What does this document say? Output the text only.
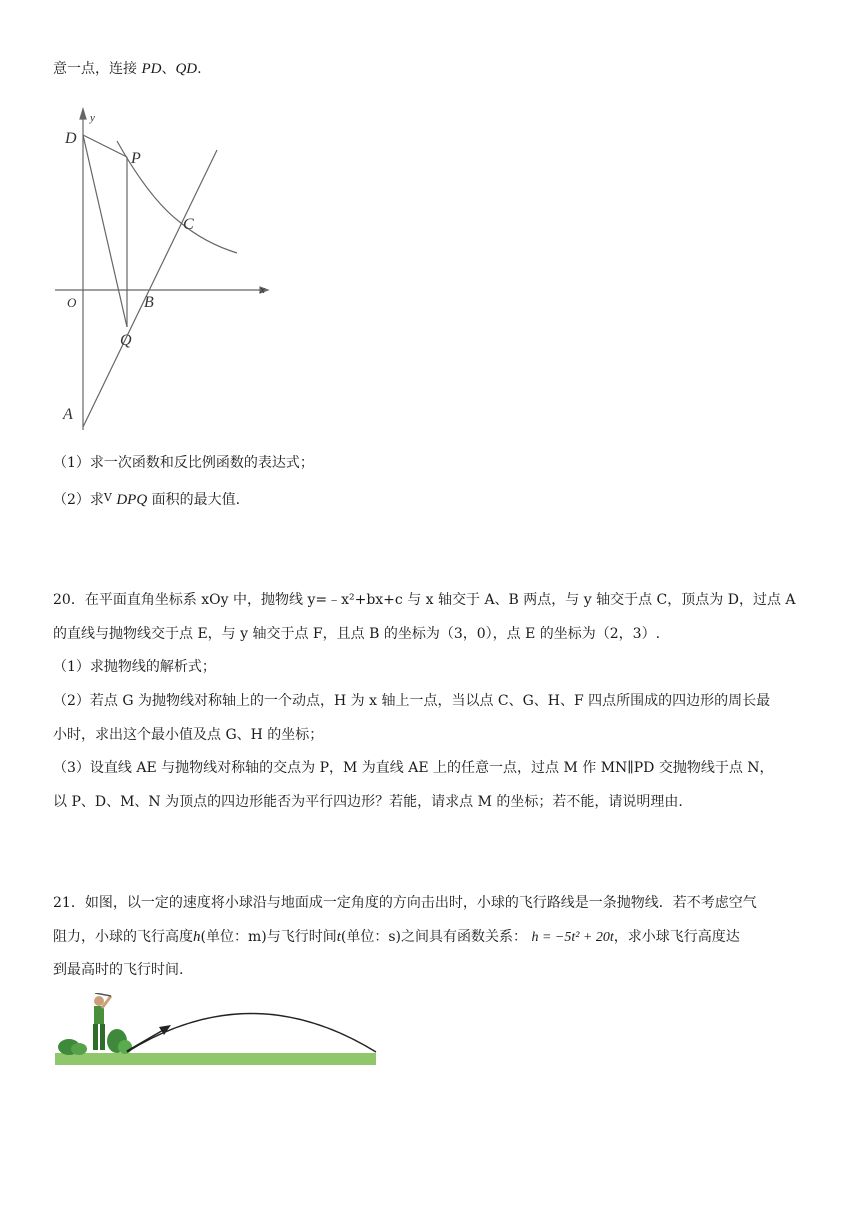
意一点，连接 PD、QD.
D
y
P
C
O	B
x
Q
A
（1）求一次函数和反比例函数的表达式；
（2）求$^V$ DPQ 面积的最大值.
20．在平面直角坐标系 xOy 中，抛物线 y=﹣x²+bx+c 与 x 轴交于 A、B 两点，与 y 轴交于点 C，顶点为 D，过点 A
的直线与抛物线交于点 E，与 y 轴交于点 F，且点 B 的坐标为（3，0），点 E 的坐标为（2，3）.
（1）求抛物线的解析式；
（2）若点 G 为抛物线对称轴上的一个动点，H 为 x 轴上一点，当以点 C、G、H、F 四点所围成的四边形的周长最
小时，求出这个最小值及点 G、H 的坐标；
（3）设直线 AE 与抛物线对称轴的交点为 P，M 为直线 AE 上的任意一点，过点 M 作 MN∥PD 交抛物线于点 N，
以 P、D、M、N 为顶点的四边形能否为平行四边形？若能，请求点 M 的坐标；若不能，请说明理由.
21．如图，以一定的速度将小球沿与地面成一定角度的方向击出时，小球的飞行路线是一条抛物线．若不考虑空气
阻力，小球的飞行高度h(单位：m)与飞行时间t(单位：s)之间具有函数关系： h = −5t² + 20t，求小球飞行高度达
到最高时的飞行时间.
